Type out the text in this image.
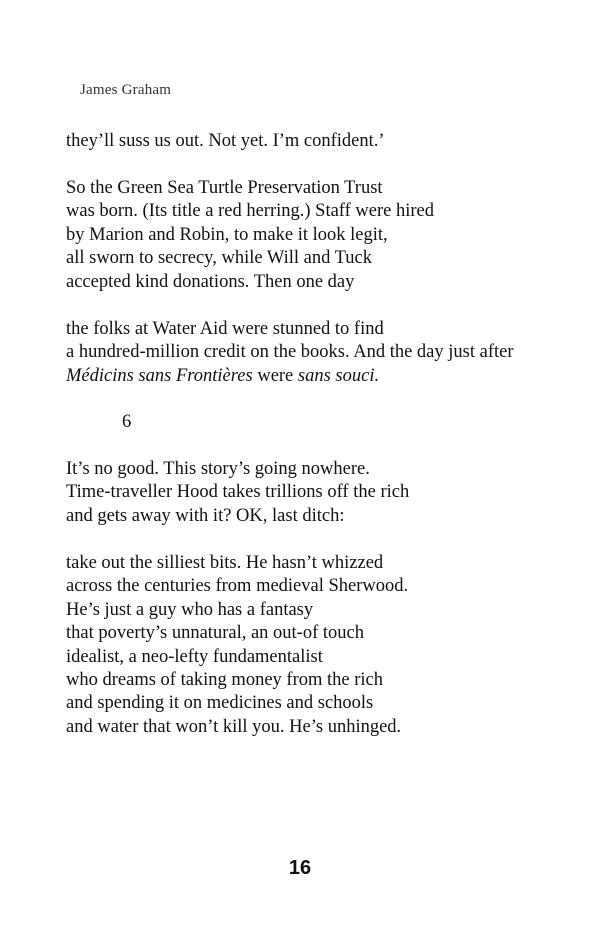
James Graham
they’ll suss us out. Not yet. I’m confident.’
So the Green Sea Turtle Preservation Trust
was born. (Its title a red herring.) Staff were hired
by Marion and Robin, to make it look legit,
all sworn to secrecy, while Will and Tuck
accepted kind donations. Then one day
the folks at Water Aid were stunned to find
a hundred-million credit on the books. And the day just after
Médicins sans Frontières were sans souci.
6
It’s no good. This story’s going nowhere.
Time-traveller Hood takes trillions off the rich
and gets away with it? OK, last ditch:
take out the silliest bits. He hasn’t whizzed
across the centuries from medieval Sherwood.
He’s just a guy who has a fantasy
that poverty’s unnatural, an out-of touch
idealist, a neo-lefty fundamentalist
who dreams of taking money from the rich
and spending it on medicines and schools
and water that won’t kill you. He’s unhinged.
16
